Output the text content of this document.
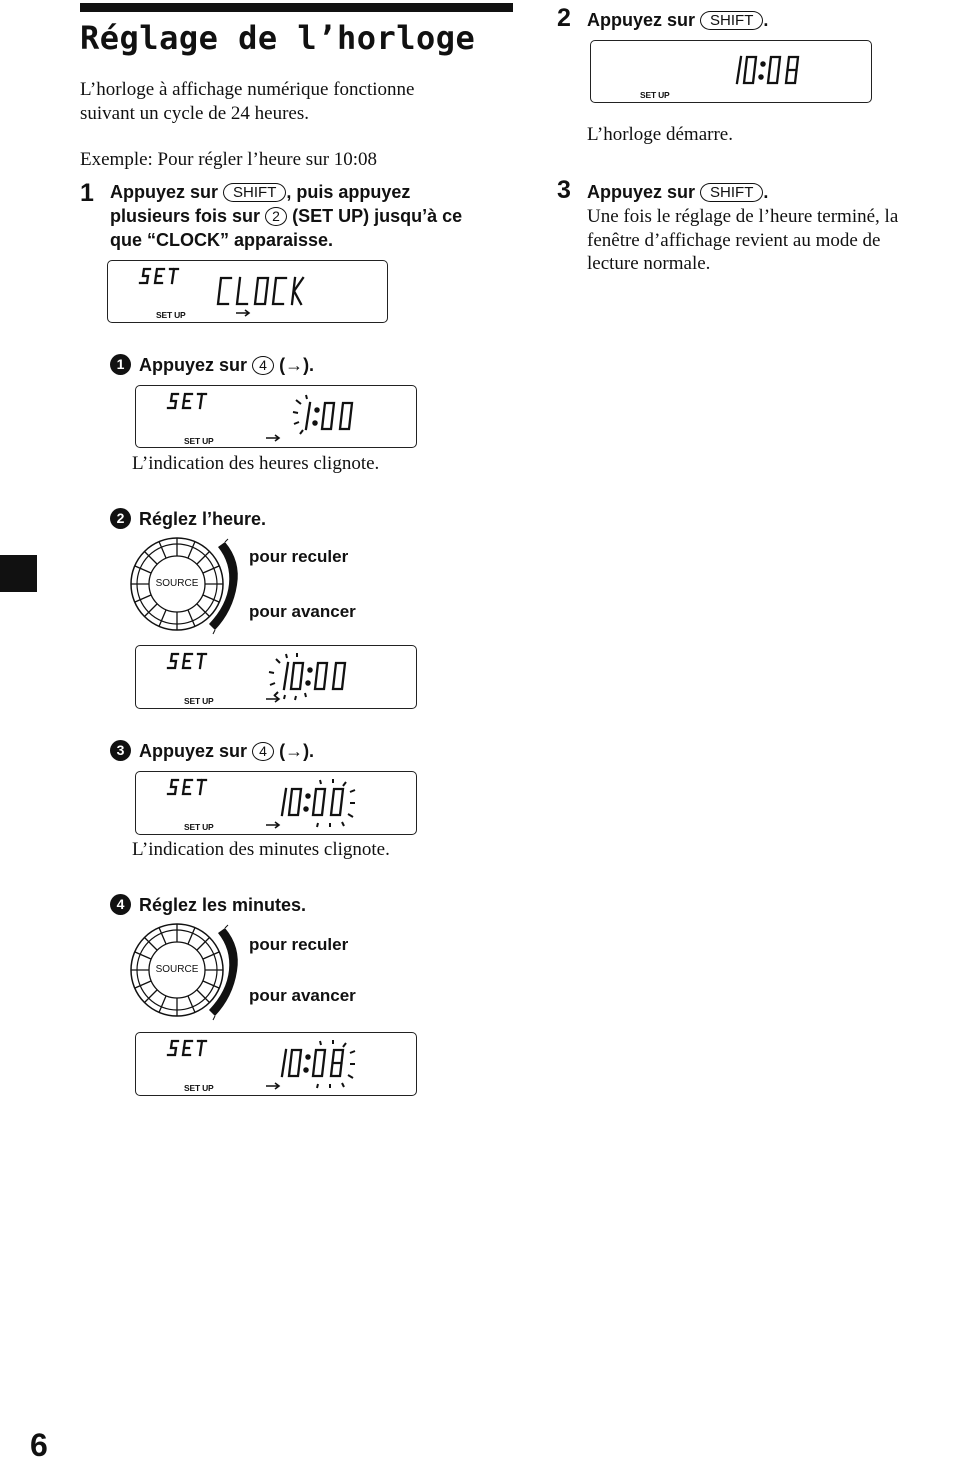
Réglage de l’horloge
L’horloge à affichage numérique fonctionne
suivant un cycle de 24 heures.
Exemple: Pour régler l’heure sur 10:08
1 Appuyez sur SHIFT , puis appuyez
plusieurs fois sur 2 (SET UP) jusqu’à ce
que “CLOCK” apparaisse.
SET UP
1 Appuyez sur 4 (→).
SET UP
L’indication des heures clignote.
2 Réglez l’heure.
SOURCE
pour reculer
pour avancer
SET UP
3 Appuyez sur 4 (→).
SET UP
L’indication des minutes clignote.
4 Réglez les minutes.
SOURCE
pour reculer
pour avancer
SET UP
6
2 Appuyez sur SHIFT .
SET UP
L’horloge démarre.
3 Appuyez sur SHIFT .
Une fois le réglage de l’heure terminé, la
fenêtre d’affichage revient au mode de
lecture normale.
